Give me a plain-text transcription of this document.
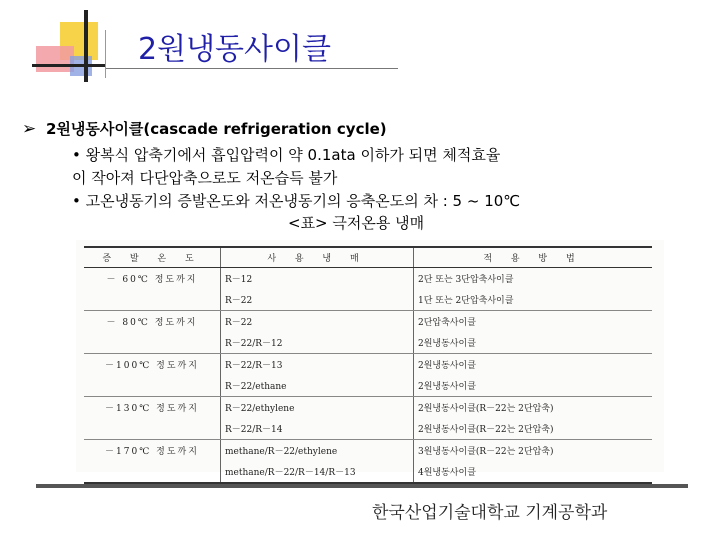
2원냉동사이클
➢ 2원냉동사이클(cascade refrigeration cycle)
• 왕복식 압축기에서 흡입압력이 약 0.1ata 이하가 되면 체적효율
이 작아져 다단압축으로도 저온습득 불가
• 고온냉동기의 증발온도와 저온냉동기의 응축온도의 차 : 5 ~ 10℃
<표> 극저온용 냉매
증 발 온 도	사 용 냉 매	적 용 방 법
－ 60℃ 정도까지	R－12	2단 또는 3단압축사이클
	R－22	1단 또는 2단압축사이클
－ 80℃ 정도까지	R－22	2단압축사이클
	R－22/R－12	2원냉동사이클
－100℃ 정도까지	R－22/R－13	2원냉동사이클
	R－22/ethane	2원냉동사이클
－130℃ 정도까지	R－22/ethylene	2원냉동사이클(R－22는 2단압축)
	R－22/R－14	2원냉동사이클(R－22는 2단압축)
－170℃ 정도까지	methane/R－22/ethylene	3원냉동사이클(R－22는 2단압축)
	methane/R－22/R－14/R－13	4원냉동사이클
한국산업기술대학교 기계공학과
